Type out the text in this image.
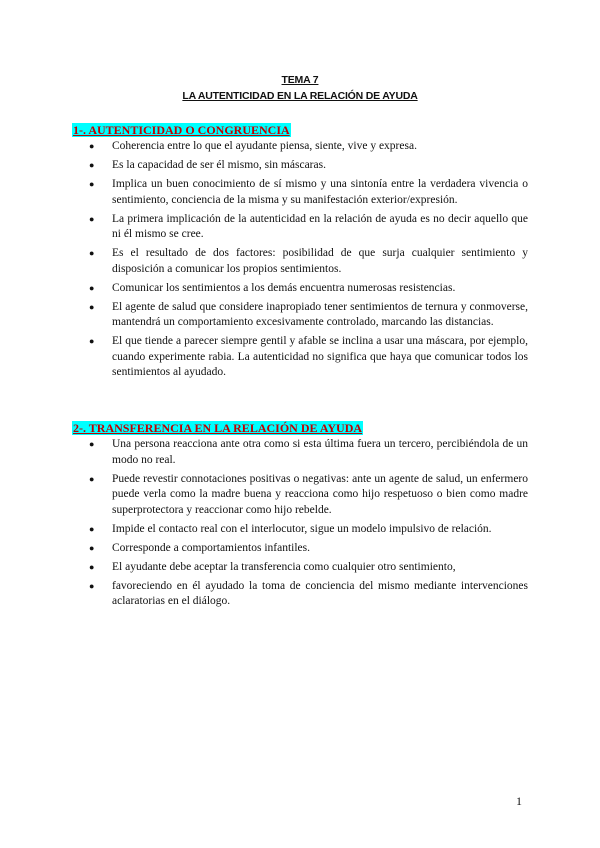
TEMA 7
LA AUTENTICIDAD EN LA RELACIÓN DE AYUDA
1-. AUTENTICIDAD O CONGRUENCIA
● Coherencia entre lo que el ayudante piensa, siente, vive y expresa.
● Es la capacidad de ser él mismo, sin máscaras.
● Implica un buen conocimiento de sí mismo y una sintonía entre la verdadera vivencia o sentimiento, conciencia de la misma y su manifestación exterior/expresión.
● La primera implicación de la autenticidad en la relación de ayuda es no decir aquello que ni él mismo se cree.
● Es el resultado de dos factores: posibilidad de que surja cualquier sentimiento y disposición a comunicar los propios sentimientos.
● Comunicar los sentimientos a los demás encuentra numerosas resistencias.
● El agente de salud que considere inapropiado tener sentimientos de ternura y conmoverse, mantendrá un comportamiento excesivamente controlado, marcando las distancias.
● El que tiende a parecer siempre gentil y afable se inclina a usar una máscara, por ejemplo, cuando experimente rabia. La autenticidad no significa que haya que comunicar todos los sentimientos al ayudado.
2-. TRANSFERENCIA EN LA RELACIÓN DE AYUDA
● Una persona reacciona ante otra como si esta última fuera un tercero, percibiéndola de un modo no real.
● Puede revestir connotaciones positivas o negativas: ante un agente de salud, un enfermero puede verla como la madre buena y reacciona como hijo respetuoso o bien como madre superprotectora y reaccionar como hijo rebelde.
● Impide el contacto real con el interlocutor, sigue un modelo impulsivo de relación.
● Corresponde a comportamientos infantiles.
● El ayudante debe aceptar la transferencia como cualquier otro sentimiento,
● favoreciendo en él ayudado la toma de conciencia del mismo mediante intervenciones aclaratorias en el diálogo.
1
